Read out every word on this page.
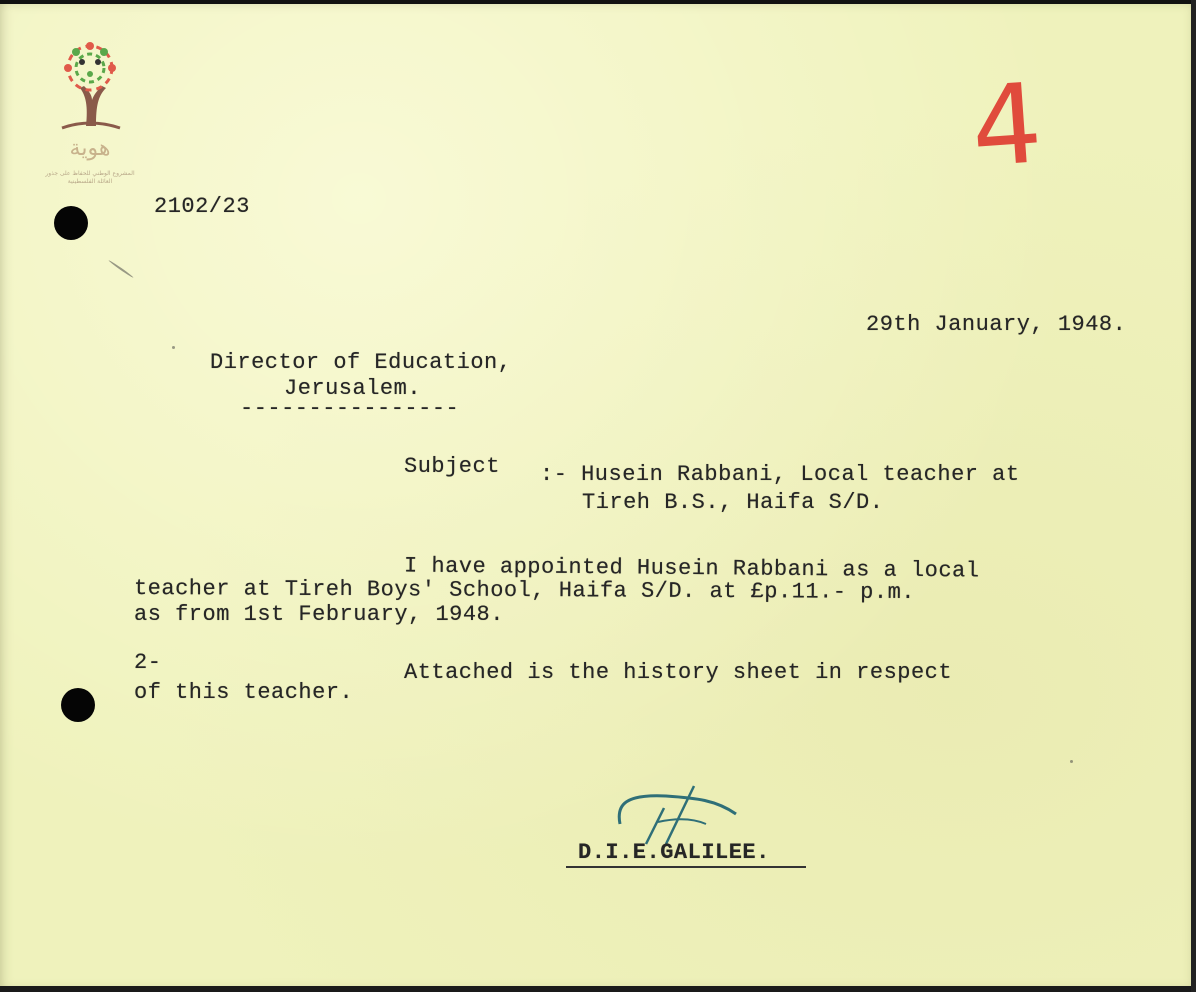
هوية
المشروع الوطني للحفاظ على جذور العائلة الفلسطينية	4
2102/23
29th January, 1948.
Director of Education,
Jerusalem.
----------------
Subject :- Husein Rabbani, Local teacher at
Tireh B.S., Haifa S/D.
I have appointed Husein Rabbani as a local
teacher at Tireh Boys' School, Haifa S/D. at £p.11.- p.m.
as from 1st February, 1948.
2-	Attached is the history sheet in respect
of this teacher.
D.I.E.GALILEE.
